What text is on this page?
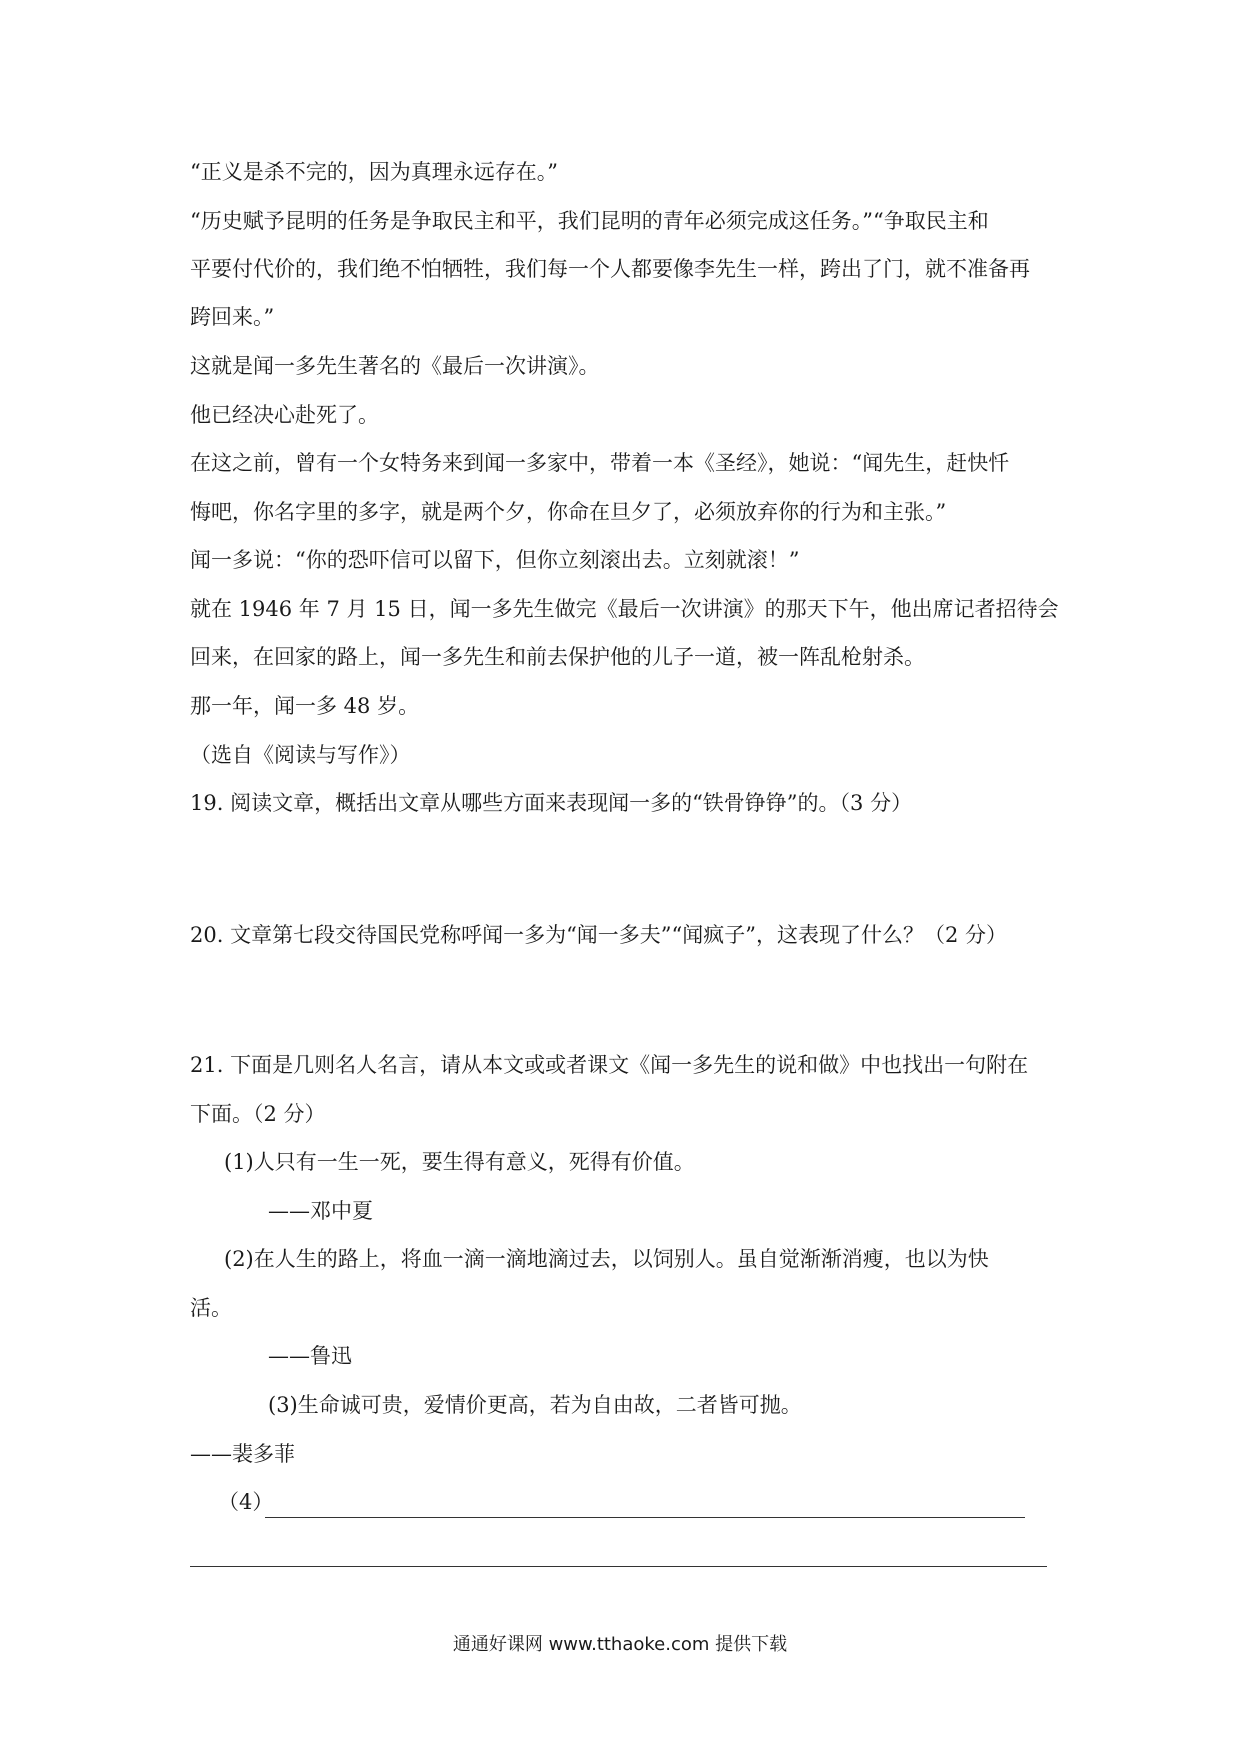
“正义是杀不完的，因为真理永远存在。”
“历史赋予昆明的任务是争取民主和平，我们昆明的青年必须完成这任务。”“争取民主和
平要付代价的，我们绝不怕牺牲，我们每一个人都要像李先生一样，跨出了门，就不准备再
跨回来。”
这就是闻一多先生著名的《最后一次讲演》。
他已经决心赴死了。
在这之前，曾有一个女特务来到闻一多家中，带着一本《圣经》，她说：“闻先生，赶快忏
悔吧，你名字里的多字，就是两个夕，你命在旦夕了，必须放弃你的行为和主张。”
闻一多说：“你的恐吓信可以留下，但你立刻滚出去。立刻就滚！”
就在 1946 年 7 月 15 日，闻一多先生做完《最后一次讲演》的那天下午，他出席记者招待会
回来，在回家的路上，闻一多先生和前去保护他的儿子一道，被一阵乱枪射杀。
那一年，闻一多 48 岁。
（选自《阅读与写作》）
19. 阅读文章，概括出文章从哪些方面来表现闻一多的“铁骨铮铮”的。（3 分）
20. 文章第七段交待国民党称呼闻一多为“闻一多夫”“闻疯子”，这表现了什么？（2 分）
21. 下面是几则名人名言，请从本文或或者课文《闻一多先生的说和做》中也找出一句附在
下面。（2 分）
(1)人只有一生一死，要生得有意义，死得有价值。
——邓中夏
(2)在人生的路上，将血一滴一滴地滴过去，以饲别人。虽自觉渐渐消瘦，也以为快
活。
——鲁迅
(3)生命诚可贵，爱情价更高，若为自由故，二者皆可抛。
——裴多菲
（4）
通通好课网 www.tthaoke.com 提供下载
